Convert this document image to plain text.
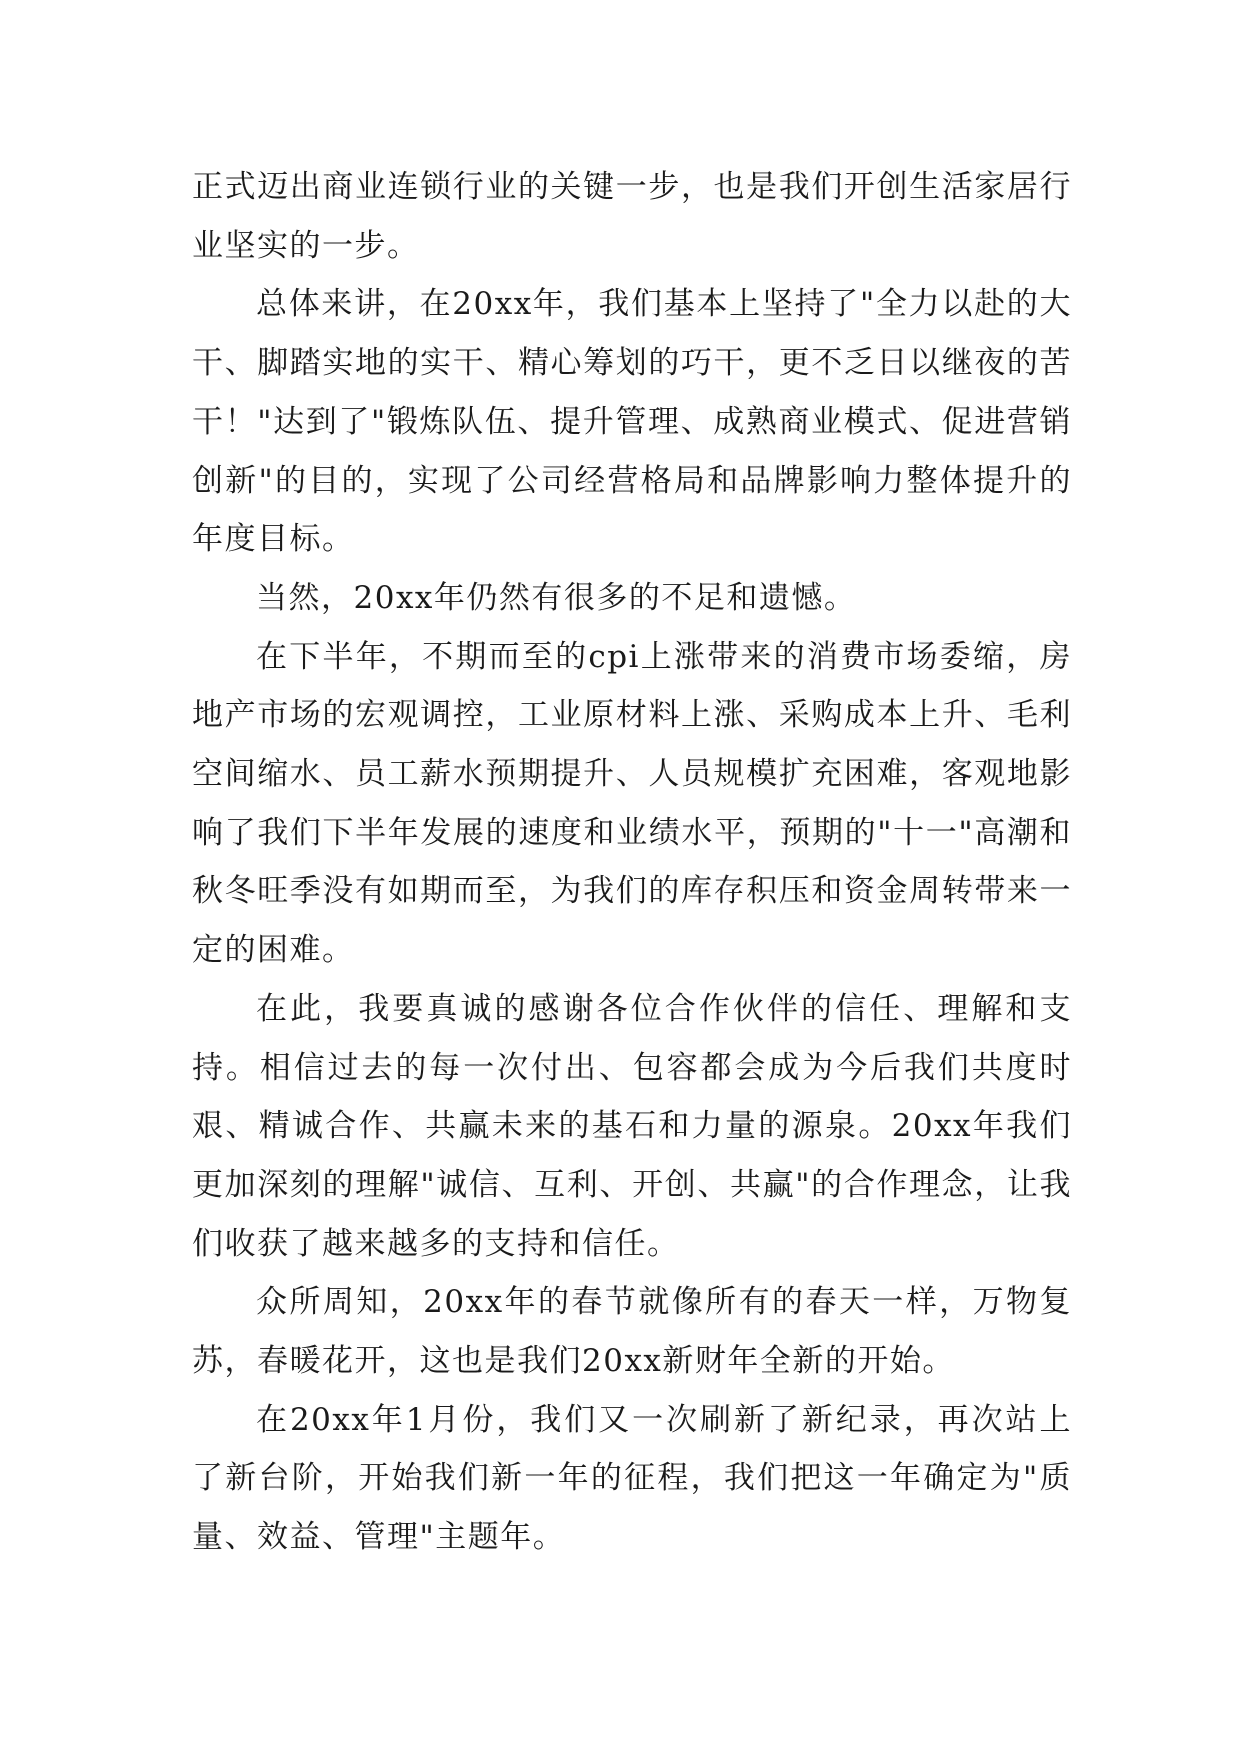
正式迈出商业连锁行业的关键一步，也是我们开创生活家居行业坚实的一步。

总体来讲，在20xx年，我们基本上坚持了"全力以赴的大干、脚踏实地的实干、精心筹划的巧干，更不乏日以继夜的苦干！"达到了"锻炼队伍、提升管理、成熟商业模式、促进营销创新"的目的，实现了公司经营格局和品牌影响力整体提升的年度目标。

当然，20xx年仍然有很多的不足和遗憾。

在下半年，不期而至的cpi上涨带来的消费市场委缩，房地产市场的宏观调控，工业原材料上涨、采购成本上升、毛利空间缩水、员工薪水预期提升、人员规模扩充困难，客观地影响了我们下半年发展的速度和业绩水平，预期的"十一"高潮和秋冬旺季没有如期而至，为我们的库存积压和资金周转带来一定的困难。

在此，我要真诚的感谢各位合作伙伴的信任、理解和支持。相信过去的每一次付出、包容都会成为今后我们共度时艰、精诚合作、共赢未来的基石和力量的源泉。20xx年我们更加深刻的理解"诚信、互利、开创、共赢"的合作理念，让我们收获了越来越多的支持和信任。

众所周知，20xx年的春节就像所有的春天一样，万物复苏，春暖花开，这也是我们20xx新财年全新的开始。

在20xx年1月份，我们又一次刷新了新纪录，再次站上了新台阶，开始我们新一年的征程，我们把这一年确定为"质量、效益、管理"主题年。
